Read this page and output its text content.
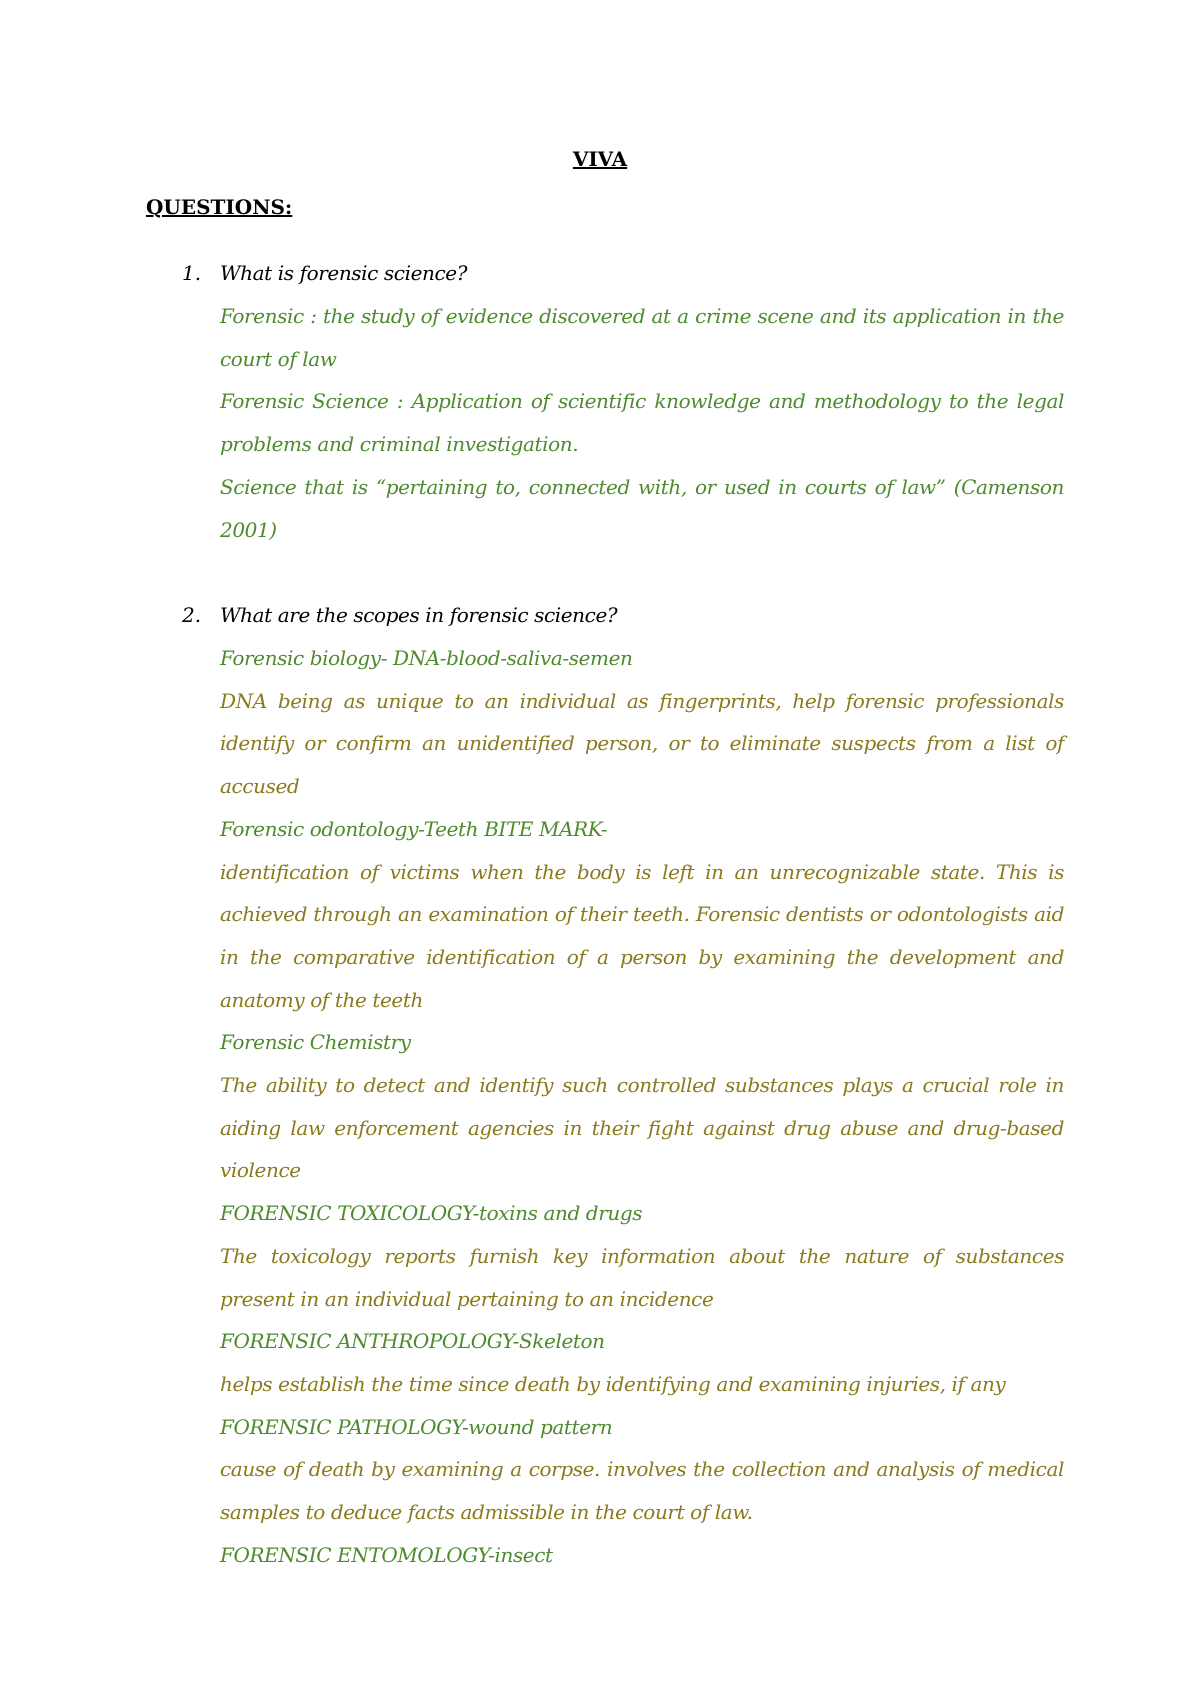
VIVA
QUESTIONS:
1. What is forensic science?
Forensic : the study of evidence discovered at a crime scene and its application in the court of law
Forensic Science : Application of scientific knowledge and methodology to the legal problems and criminal investigation.
Science that is “pertaining to, connected with, or used in courts of law” (Camenson 2001)
2. What are the scopes in forensic science?
Forensic biology- DNA-blood-saliva-semen
DNA being as unique to an individual as fingerprints, help forensic professionals identify or confirm an unidentified person, or to eliminate suspects from a list of accused
Forensic odontology-Teeth BITE MARK-
identification of victims when the body is left in an unrecognizable state. This is achieved through an examination of their teeth. Forensic dentists or odontologists aid in the comparative identification of a person by examining the development and anatomy of the teeth
Forensic Chemistry
The ability to detect and identify such controlled substances plays a crucial role in aiding law enforcement agencies in their fight against drug abuse and drug-based violence
FORENSIC TOXICOLOGY-toxins and drugs
The toxicology reports furnish key information about the nature of substances present in an individual pertaining to an incidence
FORENSIC ANTHROPOLOGY-Skeleton
helps establish the time since death by identifying and examining injuries, if any
FORENSIC PATHOLOGY-wound pattern
cause of death by examining a corpse. involves the collection and analysis of medical samples to deduce facts admissible in the court of law.
FORENSIC ENTOMOLOGY-insect
